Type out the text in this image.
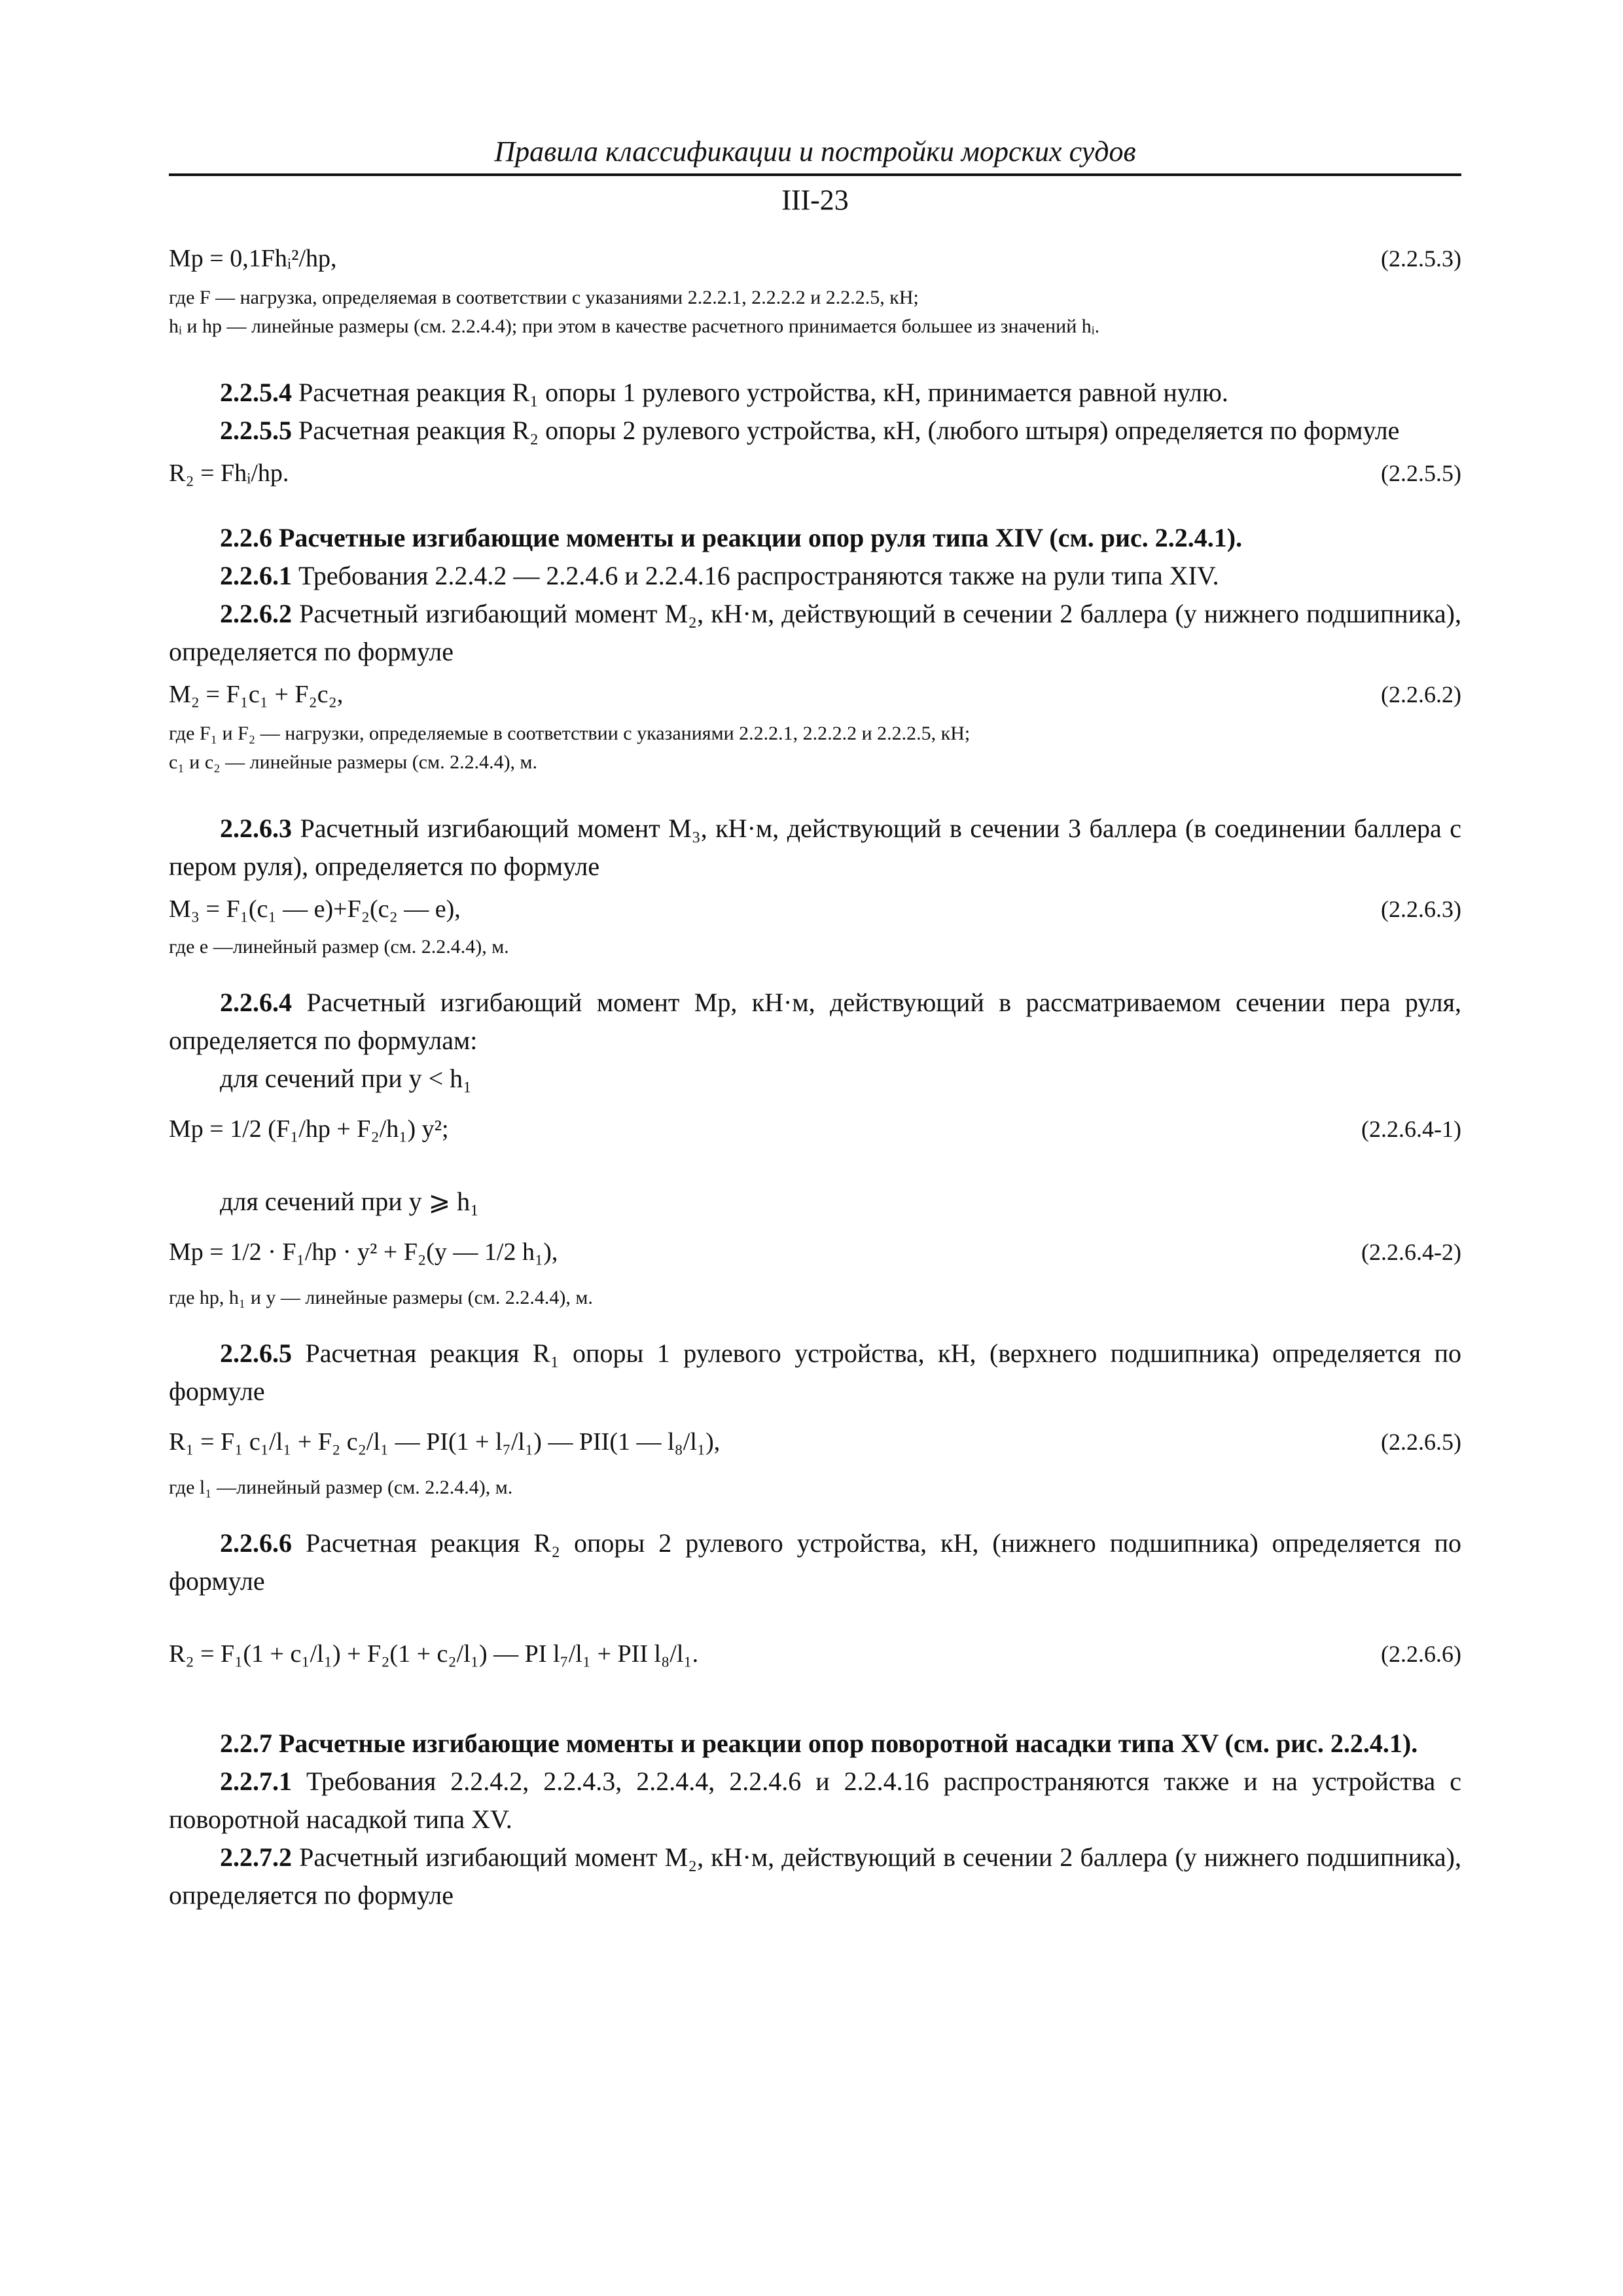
Правила классификации и постройки морских судов
III-23
Mр = 0,1Fhᵢ²/hр,	(2.2.5.3)

где F — нагрузка, определяемая в соответствии с указаниями 2.2.2.1, 2.2.2.2 и 2.2.2.5, кН;

hᵢ и hр — линейные размеры (см. 2.2.4.4); при этом в качестве расчетного принимается большее из значений hᵢ.

2.2.5.4 Расчетная реакция R₁ опоры 1 рулевого устройства, кН, принимается равной нулю.

2.2.5.5 Расчетная реакция R₂ опоры 2 рулевого устройства, кН, (любого штыря) определяется по формуле

R₂ = Fhᵢ/hр.	(2.2.5.5)

2.2.6 Расчетные изгибающие моменты и реакции опор руля типа XIV (см. рис. 2.2.4.1).

2.2.6.1 Требования 2.2.4.2 — 2.2.4.6 и 2.2.4.16 распространяются также на рули типа XIV.

2.2.6.2 Расчетный изгибающий момент M₂, кН·м, действующий в сечении 2 баллера (у нижнего подшипника), определяется по формуле

M₂ = F₁c₁ + F₂c₂,	(2.2.6.2)

где F₁ и F₂ — нагрузки, определяемые в соответствии с указаниями 2.2.2.1, 2.2.2.2 и 2.2.2.5, кН;

c₁ и c₂ — линейные размеры (см. 2.2.4.4), м.

2.2.6.3 Расчетный изгибающий момент M₃, кН·м, действующий в сечении 3 баллера (в соединении баллера с пером руля), определяется по формуле

M₃ = F₁(c₁ — e)+F₂(c₂ — e),	(2.2.6.3)

где e —линейный размер (см. 2.2.4.4), м.

2.2.6.4 Расчетный изгибающий момент Mр, кН·м, действующий в рассматриваемом сечении пера руля, определяется по формулам:

для сечений при y < h₁

Mр = 1/2 (F₁/hр + F₂/h₁) y²;	(2.2.6.4-1)

для сечений при y ⩾ h₁

Mр = 1/2 · F₁/hр · y² + F₂(y — 1/2 h₁),	(2.2.6.4-2)

где hр, h₁ и y — линейные размеры (см. 2.2.4.4), м.

2.2.6.5 Расчетная реакция R₁ опоры 1 рулевого устройства, кН, (верхнего подшипника) определяется по формуле

R₁ = F₁ c₁/l₁ + F₂ c₂/l₁ — PI(1 + l₇/l₁) — PII(1 — l₈/l₁),	(2.2.6.5)

где l₁ —линейный размер (см. 2.2.4.4), м.

2.2.6.6 Расчетная реакция R₂ опоры 2 рулевого устройства, кН, (нижнего подшипника) определяется по формуле

R₂ = F₁(1 + c₁/l₁) + F₂(1 + c₂/l₁) — PI l₇/l₁ + PII l₈/l₁.	(2.2.6.6)

2.2.7 Расчетные изгибающие моменты и реакции опор поворотной насадки типа XV (см. рис. 2.2.4.1).

2.2.7.1 Требования 2.2.4.2, 2.2.4.3, 2.2.4.4, 2.2.4.6 и 2.2.4.16 распространяются также и на устройства с поворотной насадкой типа XV.

2.2.7.2 Расчетный изгибающий момент M₂, кН·м, действующий в сечении 2 баллера (у нижнего подшипника), определяется по формуле
